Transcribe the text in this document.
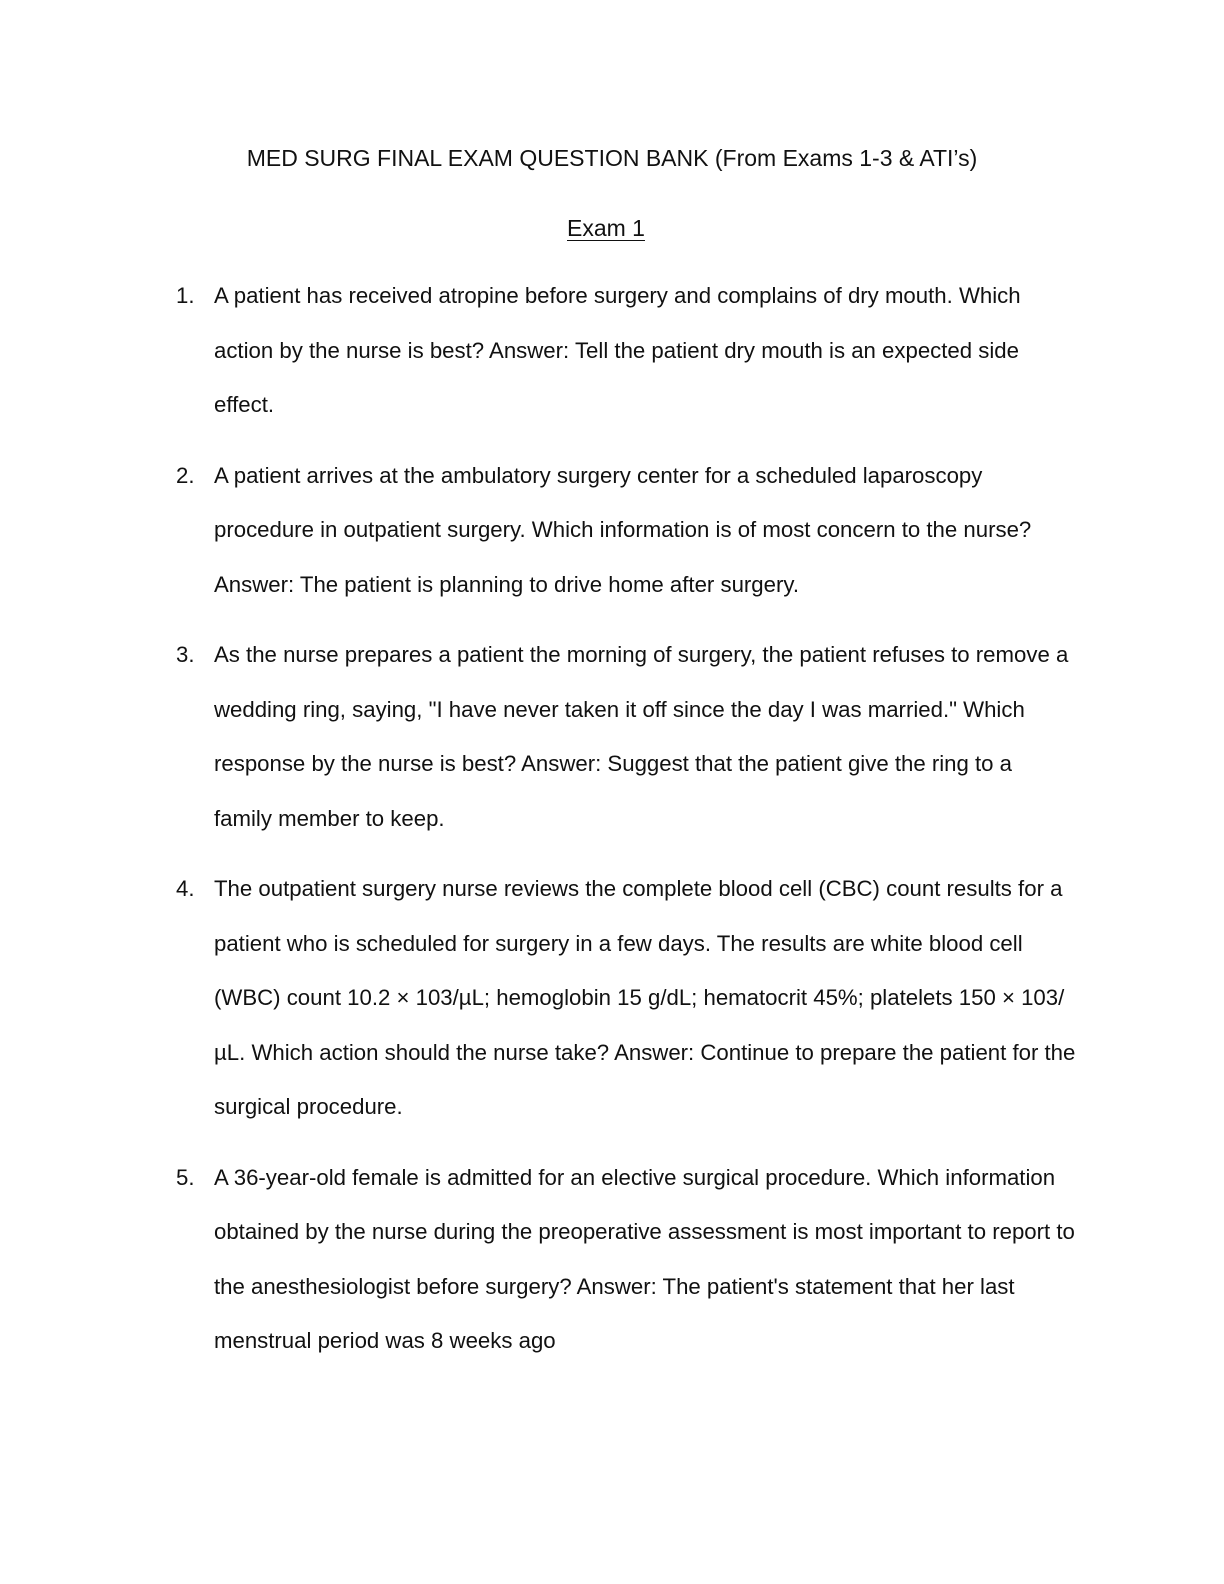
MED SURG FINAL EXAM QUESTION BANK (From Exams 1-3 & ATI’s)
Exam 1
1. A patient has received atropine before surgery and complains of dry mouth. Which action by the nurse is best? Answer: Tell the patient dry mouth is an expected side effect.
2. A patient arrives at the ambulatory surgery center for a scheduled laparoscopy procedure in outpatient surgery. Which information is of most concern to the nurse? Answer: The patient is planning to drive home after surgery.
3. As the nurse prepares a patient the morning of surgery, the patient refuses to remove a wedding ring, saying, "I have never taken it off since the day I was married." Which response by the nurse is best? Answer: Suggest that the patient give the ring to a family member to keep.
4. The outpatient surgery nurse reviews the complete blood cell (CBC) count results for a patient who is scheduled for surgery in a few days. The results are white blood cell (WBC) count 10.2 × 103/µL; hemoglobin 15 g/dL; hematocrit 45%; platelets 150 × 103/µL. Which action should the nurse take? Answer: Continue to prepare the patient for the surgical procedure.
5. A 36-year-old female is admitted for an elective surgical procedure. Which information obtained by the nurse during the preoperative assessment is most important to report to the anesthesiologist before surgery? Answer: The patient's statement that her last menstrual period was 8 weeks ago
